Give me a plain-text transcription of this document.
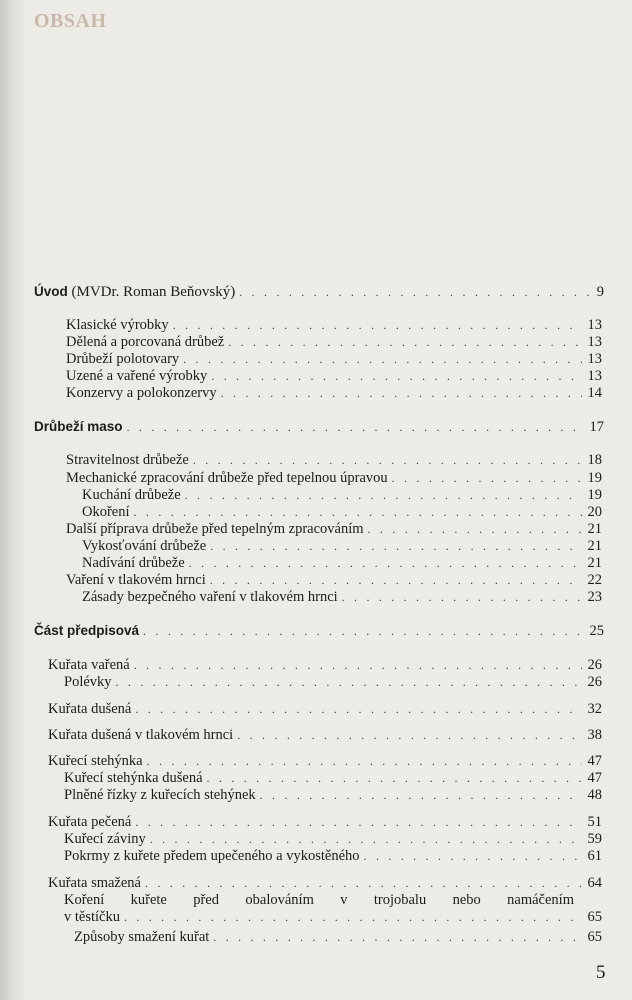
OBSAH
Úvod (MVDr. Roman Beňovský) . . .	9
Klasické výrobky . . .	13
Dělená a porcovaná drůbež . . .	13
Drůbeží polotovary . . .	13
Uzené a vařené výrobky . . .	13
Konzervy a polokonzervy . . .	14
Drůbeží maso . . .	17
Stravitelnost drůbeže . . .	18
Mechanické zpracování drůbeže před tepelnou úpravou . . .	19
Kuchání drůbeže . . .	19
Okoření . . .	20
Další příprava drůbeže před tepelným zpracováním . . .	21
Vykosťování drůbeže . . .	21
Nadívání drůbeže . . .	21
Vaření v tlakovém hrnci . . .	22
Zásady bezpečného vaření v tlakovém hrnci . . .	23
Část předpisová . . .	25
Kuřata vařená . . .	26
Polévky . . .	26
Kuřata dušená . . .	32
Kuřata dušená v tlakovém hrnci . . .	38
Kuřecí stehýnka . . .	47
Kuřecí stehýnka dušená . . .	47
Plněné řízky z kuřecích stehýnek . . .	48
Kuřata pečená . . .	51
Kuřecí záviny . . .	59
Pokrmy z kuřete předem upečeného a vykostěného . . .	61
Kuřata smažená . . .	64
Koření kuřete před obalováním v trojobalu nebo namáčením
v těstíčku . . .	65
Způsoby smažení kuřat . . .	65
5
